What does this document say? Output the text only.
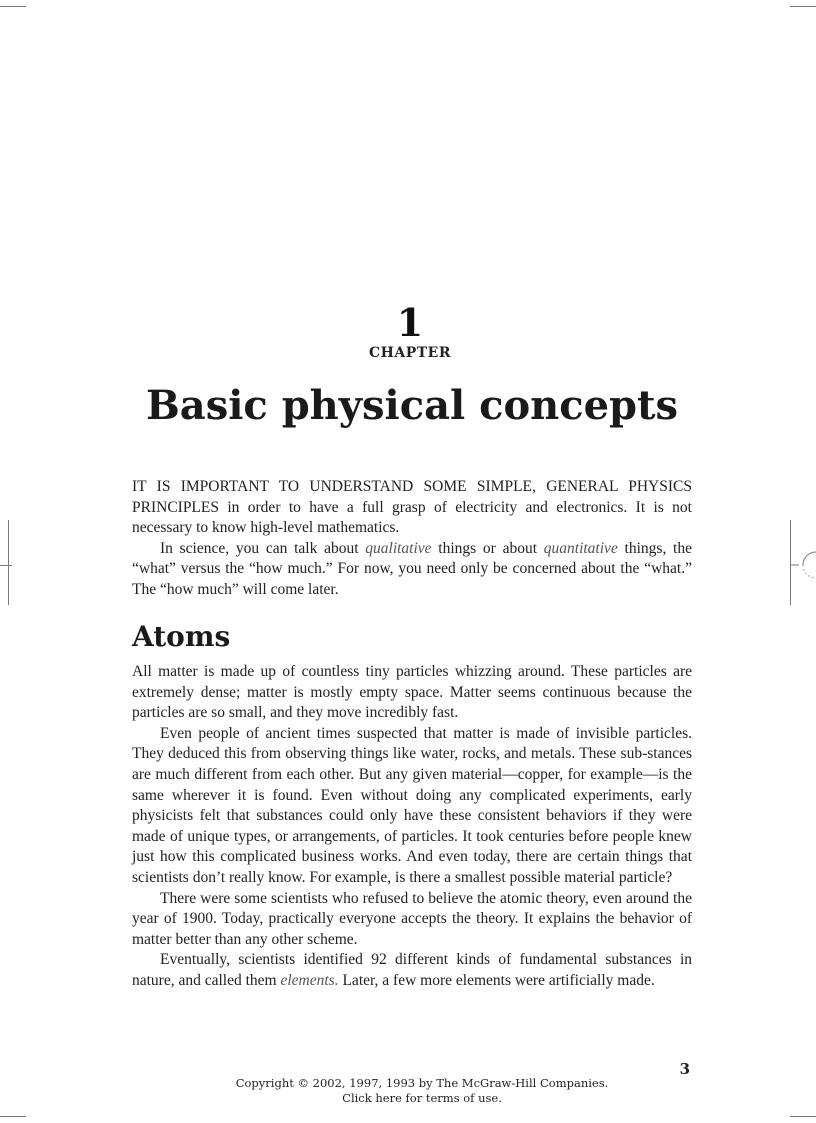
1
CHAPTER
Basic physical concepts

IT IS IMPORTANT TO UNDERSTAND SOME SIMPLE, GENERAL PHYSICS PRINCIPLES in order to have a full grasp of electricity and electronics. It is not necessary to know high-level mathematics.

In science, you can talk about qualitative things or about quantitative things, the “what” versus the “how much.” For now, you need only be concerned about the “what.” The “how much” will come later.

Atoms

All matter is made up of countless tiny particles whizzing around. These particles are extremely dense; matter is mostly empty space. Matter seems continuous because the particles are so small, and they move incredibly fast.

Even people of ancient times suspected that matter is made of invisible particles. They deduced this from observing things like water, rocks, and metals. These sub-stances are much different from each other. But any given material—copper, for example—is the same wherever it is found. Even without doing any complicated experiments, early physicists felt that substances could only have these consistent behaviors if they were made of unique types, or arrangements, of particles. It took centuries before people knew just how this complicated business works. And even today, there are certain things that scientists don’t really know. For example, is there a smallest possible material particle?

There were some scientists who refused to believe the atomic theory, even around the year of 1900. Today, practically everyone accepts the theory. It explains the behavior of matter better than any other scheme.

Eventually, scientists identified 92 different kinds of fundamental substances in nature, and called them elements. Later, a few more elements were artificially made.

3
Copyright © 2002, 1997, 1993 by The McGraw-Hill Companies.
Click here for terms of use.
